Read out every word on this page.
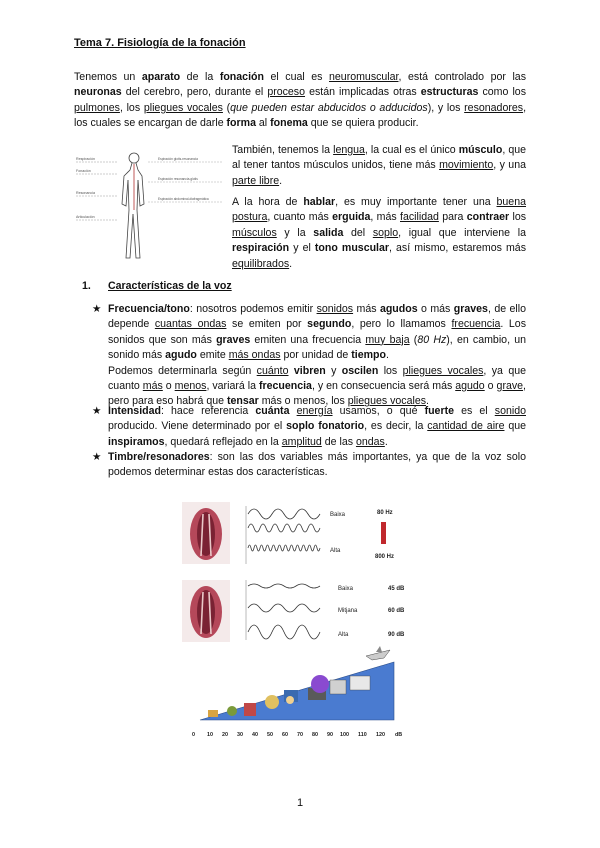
Tema 7. Fisiología de la fonación
Tenemos un aparato de la fonación el cual es neuromuscular, está controlado por las neuronas del cerebro, pero, durante el proceso están implicadas otras estructuras como los pulmones, los pliegues vocales (que pueden estar abducidos o adducidos), y los resonadores, los cuales se encargan de darle forma al fonema que se quiera producir.
Respiración
Fonación
Resonancia
Articulación
Espiración glotis-resonancia
Espiración resonancia-glotis
Espiración abdominal-diafragmática
También, tenemos la lengua, la cual es el único músculo, que al tener tantos músculos unidos, tiene más movimiento, y una parte libre.
A la hora de hablar, es muy importante tener una buena postura, cuanto más erguida, más facilidad para contraer los músculos y la salida del soplo, igual que interviene la respiración y el tono muscular, así mismo, estaremos más equilibrados.
1. Características de la voz
★ Frecuencia/tono: nosotros podemos emitir sonidos más agudos o más graves, de ello depende cuantas ondas se emiten por segundo, pero lo llamamos frecuencia. Los sonidos que son más graves emiten una frecuencia muy baja (80 Hz), en cambio, un sonido más agudo emite más ondas por unidad de tiempo.
Podemos determinarla según cuánto vibren y oscilen los pliegues vocales, ya que cuanto más o menos, variará la frecuencia, y en consecuencia será más agudo o grave, pero para eso habrá que tensar más o menos, los pliegues vocales.
★ Intensidad: hace referencia cuánta energía usamos, o qué fuerte es el sonido producido. Viene determinado por el soplo fonatorio, es decir, la cantidad de aire que inspiramos, quedará reflejado en la amplitud de las ondas.
★ Timbre/resonadores: son las dos variables más importantes, ya que de la voz solo podemos determinar estas dos características.
Baixa
Alta
80 Hz
800 Hz
Baixa
Mitjana
Alta
45 dB
60 dB
90 dB
0 10 20 30 40 50 60 70 80 90 100 110 120 dB
1
